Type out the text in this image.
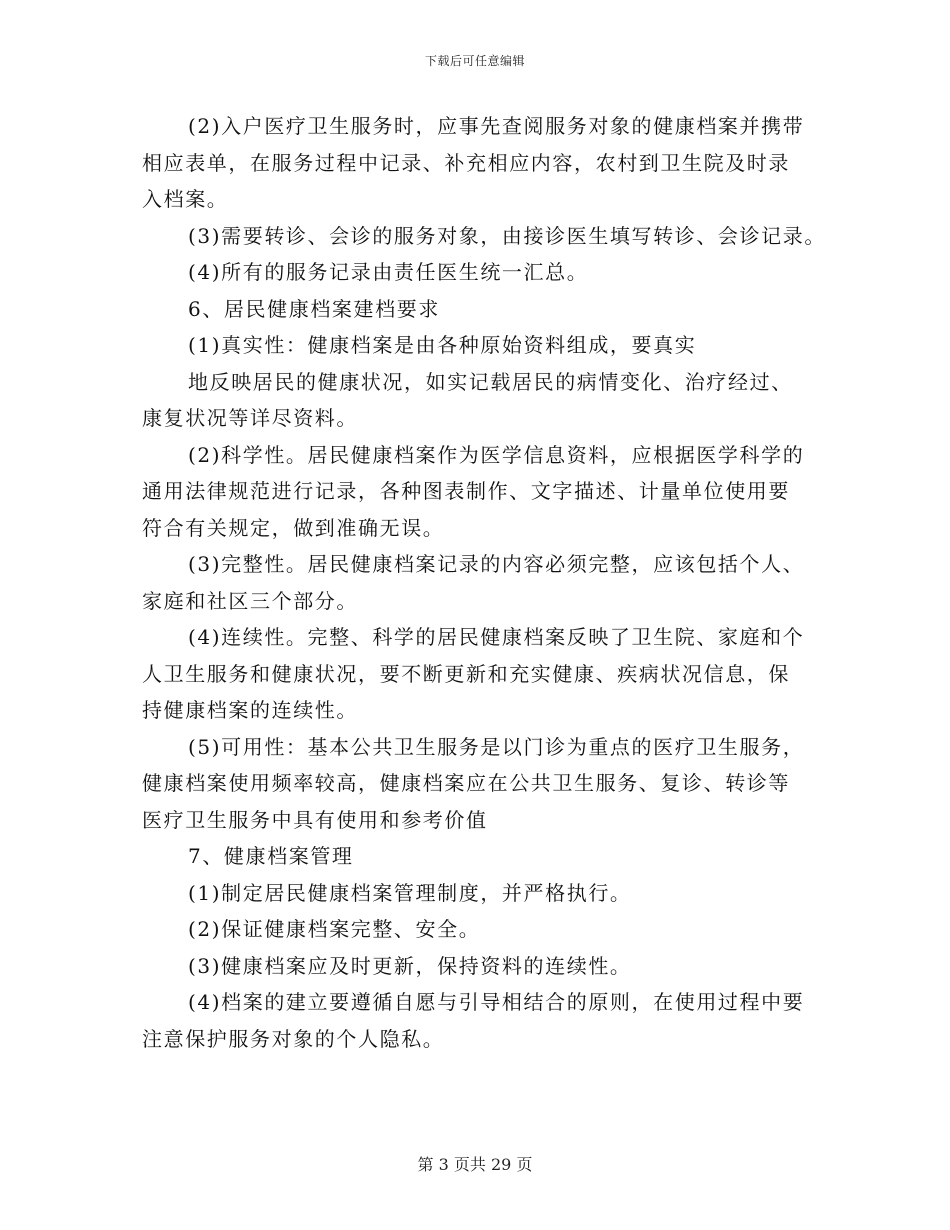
下载后可任意编辑

(2)入户医疗卫生服务时，应事先查阅服务对象的健康档案并携带
相应表单，在服务过程中记录、补充相应内容，农村到卫生院及时录
入档案。

(3)需要转诊、会诊的服务对象，由接诊医生填写转诊、会诊记录。

(4)所有的服务记录由责任医生统一汇总。

6、居民健康档案建档要求

(1)真实性：健康档案是由各种原始资料组成，要真实

地反映居民的健康状况，如实记载居民的病情变化、治疗经过、
康复状况等详尽资料。

(2)科学性。居民健康档案作为医学信息资料，应根据医学科学的
通用法律规范进行记录，各种图表制作、文字描述、计量单位使用要
符合有关规定，做到准确无误。

(3)完整性。居民健康档案记录的内容必须完整，应该包括个人、
家庭和社区三个部分。

(4)连续性。完整、科学的居民健康档案反映了卫生院、家庭和个
人卫生服务和健康状况，要不断更新和充实健康、疾病状况信息，保
持健康档案的连续性。

(5)可用性：基本公共卫生服务是以门诊为重点的医疗卫生服务，
健康档案使用频率较高，健康档案应在公共卫生服务、复诊、转诊等
医疗卫生服务中具有使用和参考价值

7、健康档案管理

(1)制定居民健康档案管理制度，并严格执行。

(2)保证健康档案完整、安全。

(3)健康档案应及时更新，保持资料的连续性。

(4)档案的建立要遵循自愿与引导相结合的原则，在使用过程中要
注意保护服务对象的个人隐私。

第 3 页共 29 页
